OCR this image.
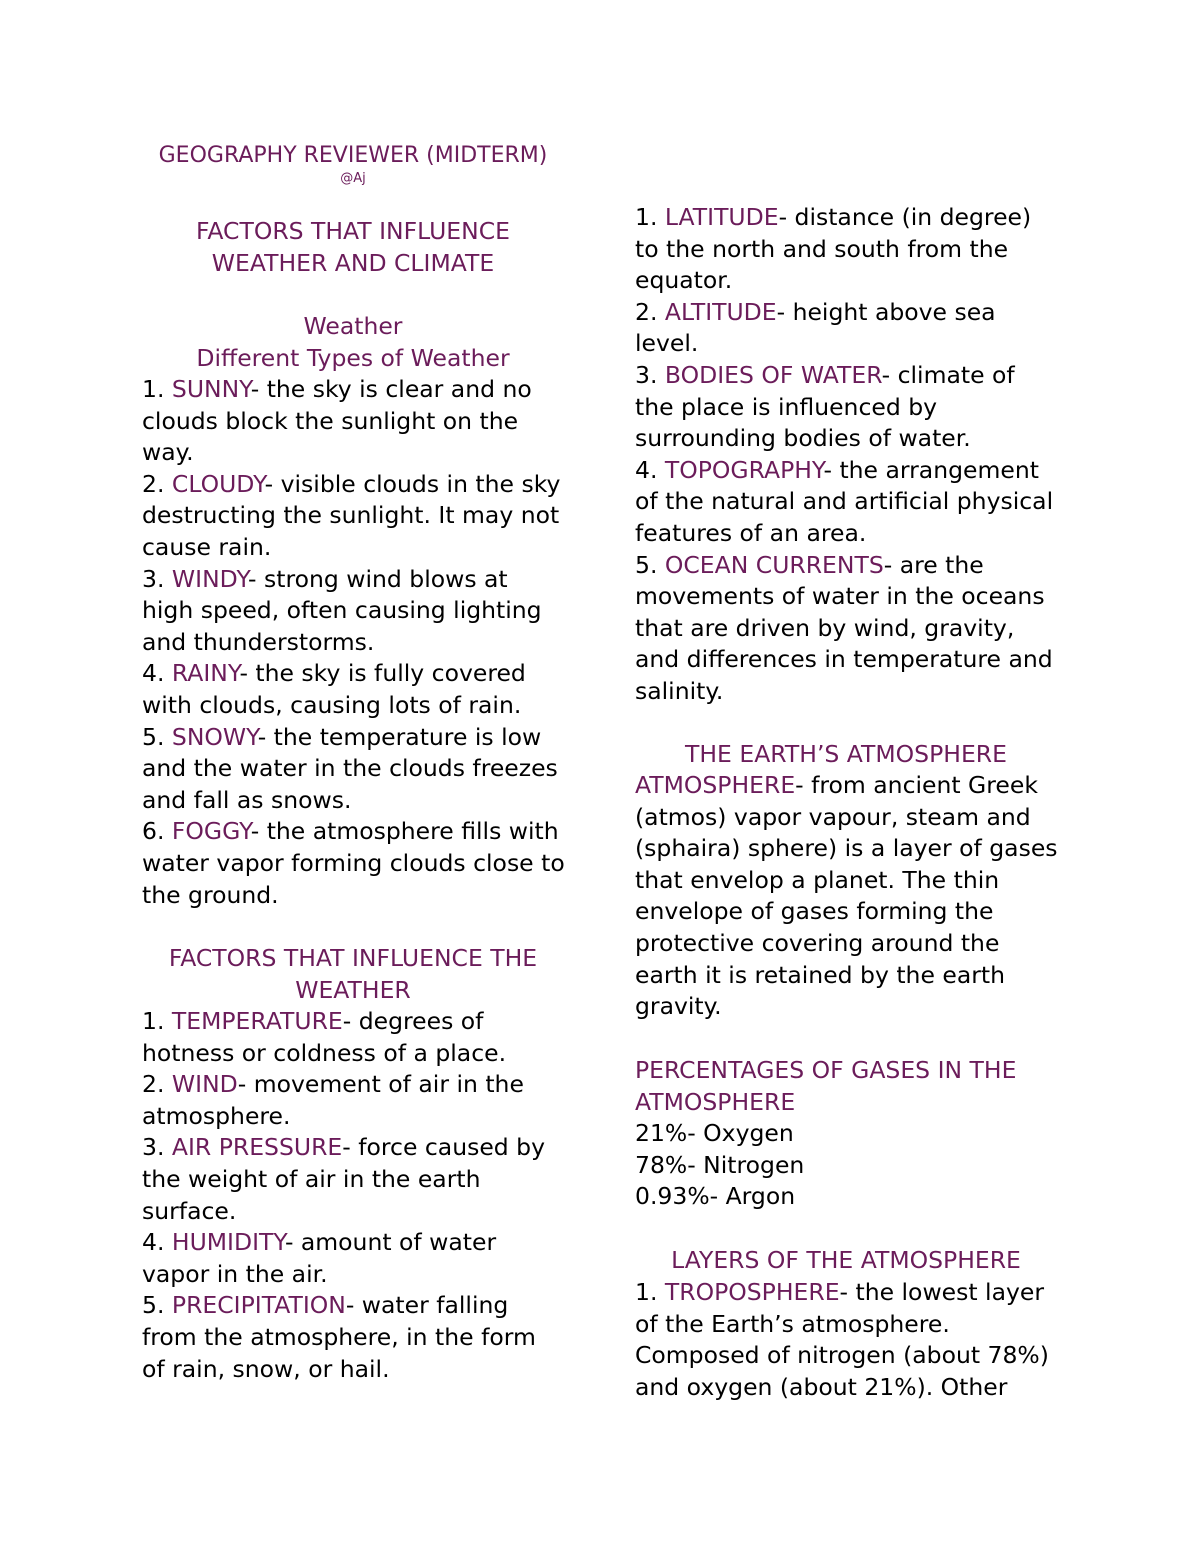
GEOGRAPHY REVIEWER (MIDTERM)
@Aj

FACTORS THAT INFLUENCE

WEATHER AND CLIMATE

Weather

Different Types of Weather

1. SUNNY- the sky is clear and no

clouds block the sunlight on the

way.

2. CLOUDY- visible clouds in the sky

destructing the sunlight. It may not

cause rain.

3. WINDY- strong wind blows at

high speed, often causing lighting

and thunderstorms.

4. RAINY- the sky is fully covered

with clouds, causing lots of rain.

5. SNOWY- the temperature is low

and the water in the clouds freezes

and fall as snows.

6. FOGGY- the atmosphere fills with

water vapor forming clouds close to

the ground.

FACTORS THAT INFLUENCE THE

WEATHER

1. TEMPERATURE- degrees of

hotness or coldness of a place.

2. WIND- movement of air in the

atmosphere.

3. AIR PRESSURE- force caused by

the weight of air in the earth

surface.

4. HUMIDITY- amount of water

vapor in the air.

5. PRECIPITATION- water falling

from the atmosphere, in the form

of rain, snow, or hail.

1. LATITUDE- distance (in degree)

to the north and south from the

equator.

2. ALTITUDE- height above sea

level.

3. BODIES OF WATER- climate of

the place is influenced by

surrounding bodies of water.

4. TOPOGRAPHY- the arrangement

of the natural and artificial physical

features of an area.

5. OCEAN CURRENTS- are the

movements of water in the oceans

that are driven by wind, gravity,

and differences in temperature and

salinity.

THE EARTH’S ATMOSPHERE

ATMOSPHERE- from ancient Greek

(atmos) vapor vapour, steam and

(sphaira) sphere) is a layer of gases

that envelop a planet. The thin

envelope of gases forming the

protective covering around the

earth it is retained by the earth

gravity.

PERCENTAGES OF GASES IN THE

ATMOSPHERE

21%- Oxygen

78%- Nitrogen

0.93%- Argon

LAYERS OF THE ATMOSPHERE

1. TROPOSPHERE- the lowest layer

of the Earth’s atmosphere.

Composed of nitrogen (about 78%)

and oxygen (about 21%). Other
